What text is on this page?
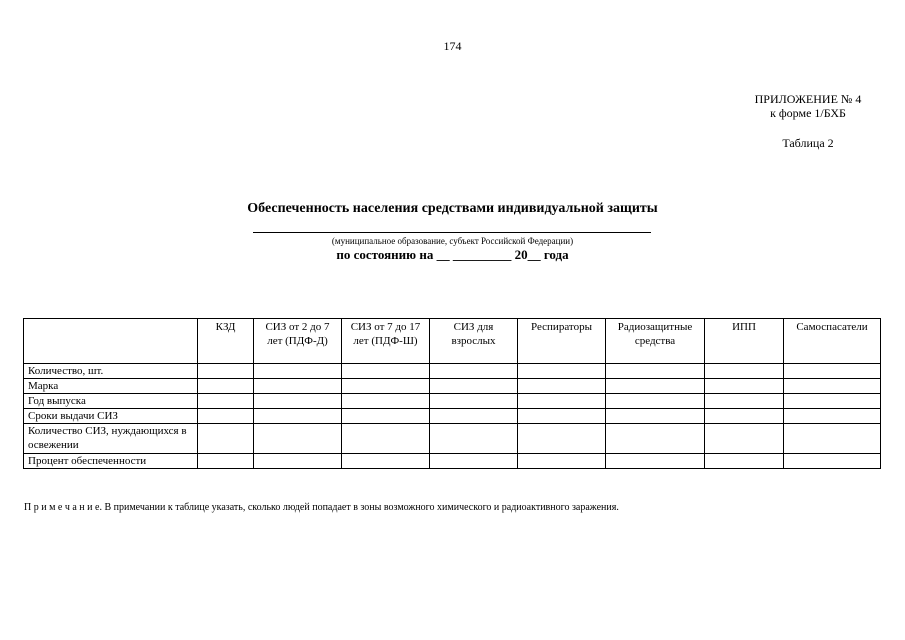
174
ПРИЛОЖЕНИЕ № 4
к форме 1/БХБ
Таблица 2
Обеспеченность населения средствами индивидуальной защиты
(муниципальное образование, субъект Российской Федерации)
по состоянию на __ _________ 20__ года
	КЗД	СИЗ от 2 до 7 лет (ПДФ-Д)	СИЗ от 7 до 17 лет (ПДФ-Ш)	СИЗ для взрослых	Респираторы	Радиозащитные средства	ИПП	Самоспасатели
Количество, шт.								
Марка								
Год выпуска								
Сроки выдачи СИЗ								
Количество СИЗ, нуждающихся в освежении								
Процент обеспеченности								
П р и м е ч а н и е. В примечании к таблице указать, сколько людей попадает в зоны возможного химического и радиоактивного заражения.
